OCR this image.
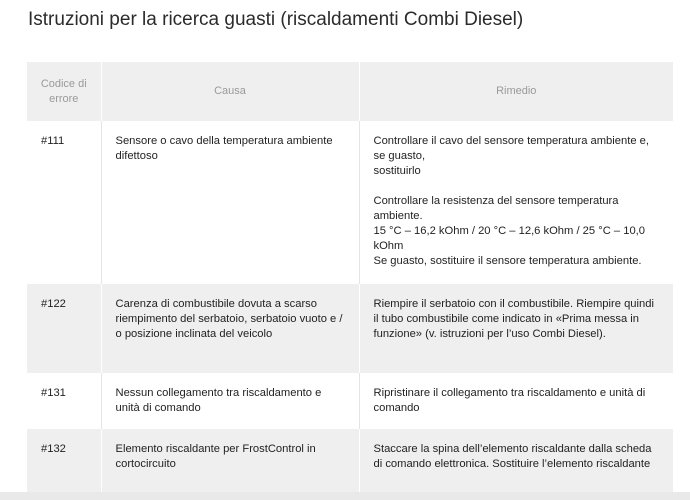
Istruzioni per la ricerca guasti (riscaldamenti Combi Diesel)
Codice di errore	Causa	Rimedio
#111	Sensore o cavo della temperatura ambiente difettoso	Controllare il cavo del sensore temperatura ambiente e, se guasto,
sostituirlo
Controllare la resistenza del sensore temperatura ambiente.
15 °C – 16,2 kOhm / 20 °C – 12,6 kOhm / 25 °C – 10,0 kOhm
Se guasto, sostituire il sensore temperatura ambiente.

#122	Carenza di combustibile dovuta a scarso riempimento del serbatoio, serbatoio vuoto e / o posizione inclinata del veicolo	Riempire il serbatoio con il combustibile. Riempire quindi il tubo combustibile come indicato in «Prima messa in funzione» (v. istruzioni per l’uso Combi Diesel).
#131	Nessun collegamento tra riscaldamento e unità di comando	Ripristinare il collegamento tra riscaldamento e unità di comando
#132	Elemento riscaldante per FrostControl in cortocircuito	Staccare la spina dell’elemento riscaldante dalla scheda di comando elettronica. Sostituire l’elemento riscaldante
